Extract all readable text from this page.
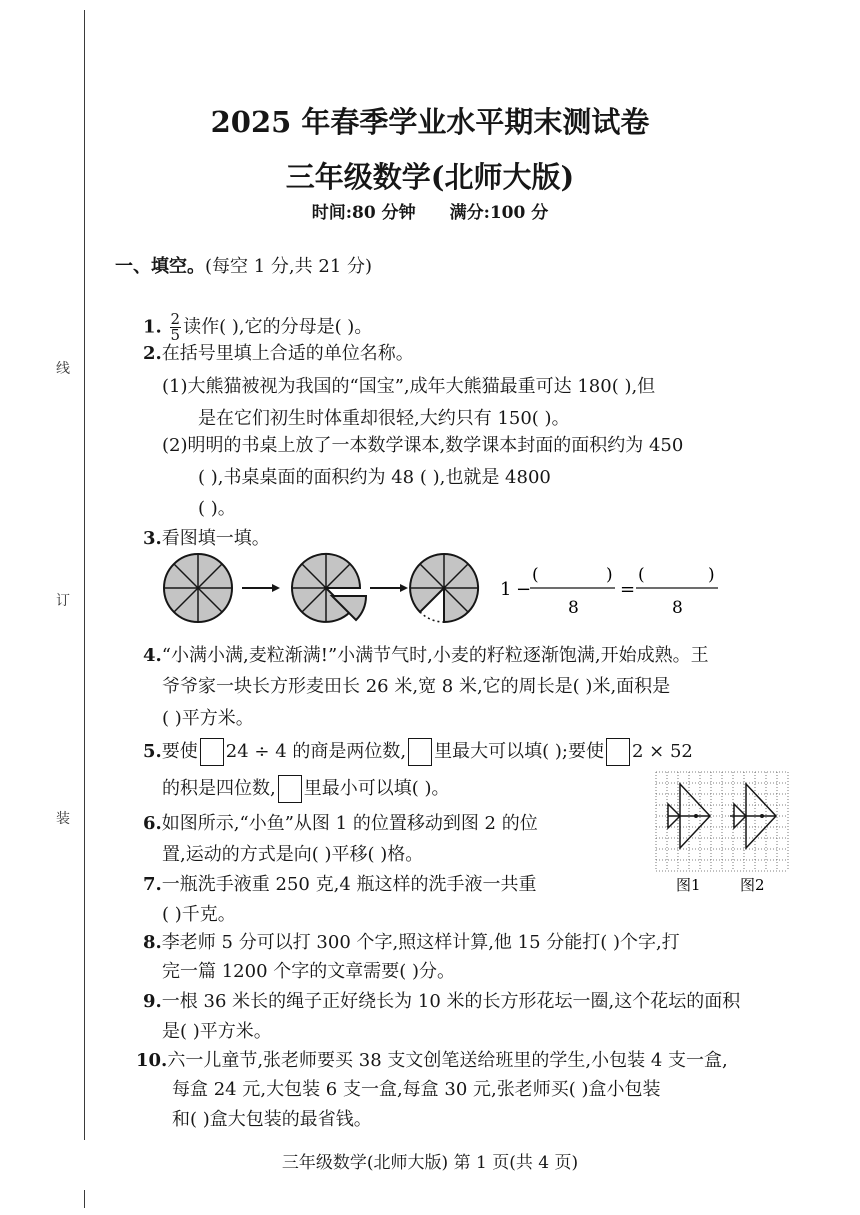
线
订
装
2025 年春季学业水平期末测试卷
三年级数学(北师大版)
时间:80 分钟 满分:100 分
一、填空。(每空 1 分,共 21 分)
1. $\frac{2}{5}$ 读作( ),它的分母是( )。
2.在括号里填上合适的单位名称。
(1)大熊猫被视为我国的“国宝”,成年大熊猫最重可达 180( ),但
是在它们初生时体重却很轻,大约只有 150( )。
(2)明明的书桌上放了一本数学课本,数学课本封面的面积约为 450
( ),书桌桌面的面积约为 48 ( ),也就是 4800
( )。
3.看图填一填。
1 −
(	)
8
=
(	)
8
4.“小满小满,麦粒渐满!”小满节气时,小麦的籽粒逐渐饱满,开始成熟。王
爷爷家一块长方形麦田长 26 米,宽 8 米,它的周长是( )米,面积是
( )平方米。
5.要使 24 ÷ 4 的商是两位数, 里最大可以填( );要使 2 × 52
的积是四位数, 里最小可以填( )。
图1	图2
6.如图所示,“小鱼”从图 1 的位置移动到图 2 的位
置,运动的方式是向( )平移( )格。
7.一瓶洗手液重 250 克,4 瓶这样的洗手液一共重
( )千克。
8.李老师 5 分可以打 300 个字,照这样计算,他 15 分能打( )个字,打
完一篇 1200 个字的文章需要( )分。
9.一根 36 米长的绳子正好绕长为 10 米的长方形花坛一圈,这个花坛的面积
是( )平方米。
10.六一儿童节,张老师要买 38 支文创笔送给班里的学生,小包装 4 支一盒,
每盒 24 元,大包装 6 支一盒,每盒 30 元,张老师买( )盒小包装
和( )盒大包装的最省钱。
三年级数学(北师大版) 第 1 页(共 4 页)
